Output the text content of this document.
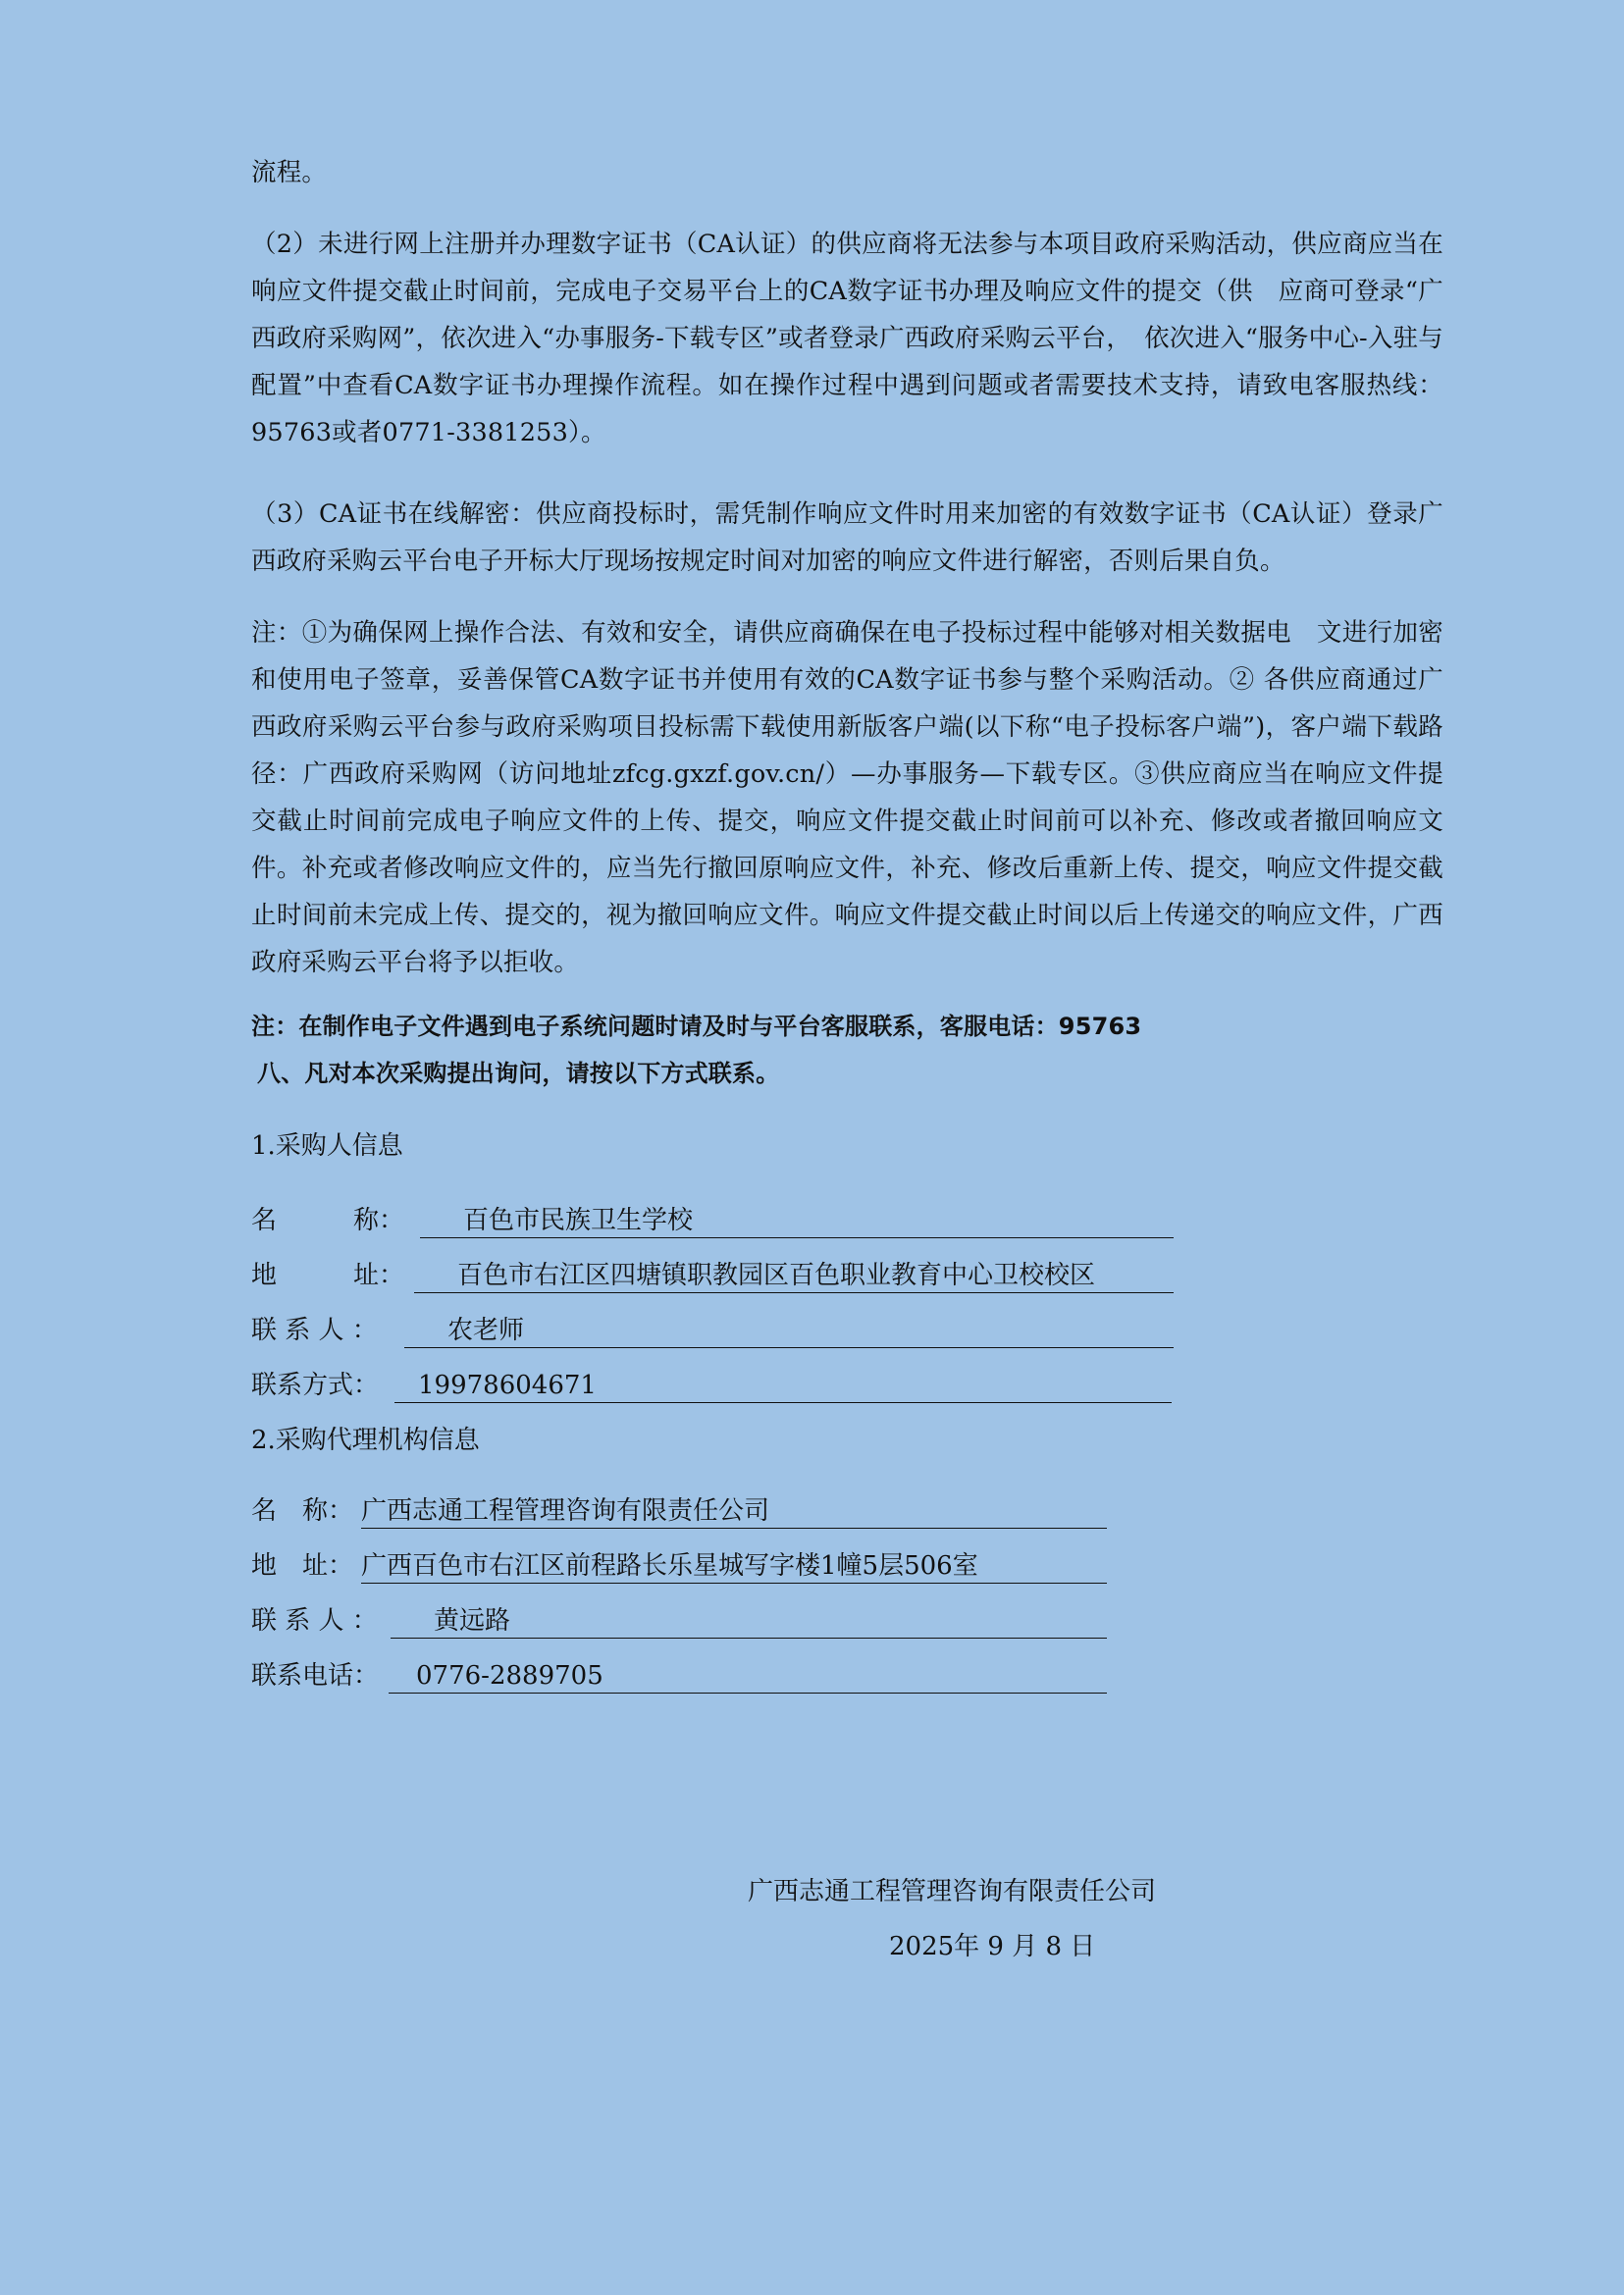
流程。

（2）未进行网上注册并办理数字证书（CA认证）的供应商将无法参与本项目政府采购活动，供应商应当在响应文件提交截止时间前，完成电子交易平台上的CA数字证书办理及响应文件的提交（供　应商可登录“广西政府采购网”，依次进入“办事服务-下载专区”或者登录广西政府采购云平台，　依次进入“服务中心-入驻与配置”中查看CA数字证书办理操作流程。如在操作过程中遇到问题或者需要技术支持，请致电客服热线：95763或者0771-3381253）。

（3）CA证书在线解密：供应商投标时，需凭制作响应文件时用来加密的有效数字证书（CA认证）登录广西政府采购云平台电子开标大厅现场按规定时间对加密的响应文件进行解密，否则后果自负。

注：①为确保网上操作合法、有效和安全，请供应商确保在电子投标过程中能够对相关数据电　文进行加密和使用电子签章，妥善保管CA数字证书并使用有效的CA数字证书参与整个采购活动。② 各供应商通过广西政府采购云平台参与政府采购项目投标需下载使用新版客户端(以下称“电子投标客户端”)，客户端下载路径：广西政府采购网（访问地址zfcg.gxzf.gov.cn/）—办事服务—下载专区。③供应商应当在响应文件提交截止时间前完成电子响应文件的上传、提交，响应文件提交截止时间前可以补充、修改或者撤回响应文件。补充或者修改响应文件的，应当先行撤回原响应文件，补充、修改后重新上传、提交，响应文件提交截止时间前未完成上传、提交的，视为撤回响应文件。响应文件提交截止时间以后上传递交的响应文件，广西政府采购云平台将予以拒收。

注：在制作电子文件遇到电子系统问题时请及时与平台客服联系，客服电话：95763

八、凡对本次采购提出询问，请按以下方式联系。

1.采购人信息
名　　　称：	百色市民族卫生学校
地　　　址：	百色市右江区四塘镇职教园区百色职业教育中心卫校校区
联 系 人 ：	农老师
联系方式：	19978604671
2.采购代理机构信息
名　称： 广西志通工程管理咨询有限责任公司
地　址： 广西百色市右江区前程路长乐星城写字楼1幢5层506室
联 系 人 ：	黄远路
联系电话：	0776-2889705
广西志通工程管理咨询有限责任公司
2025年 9 月 8 日
